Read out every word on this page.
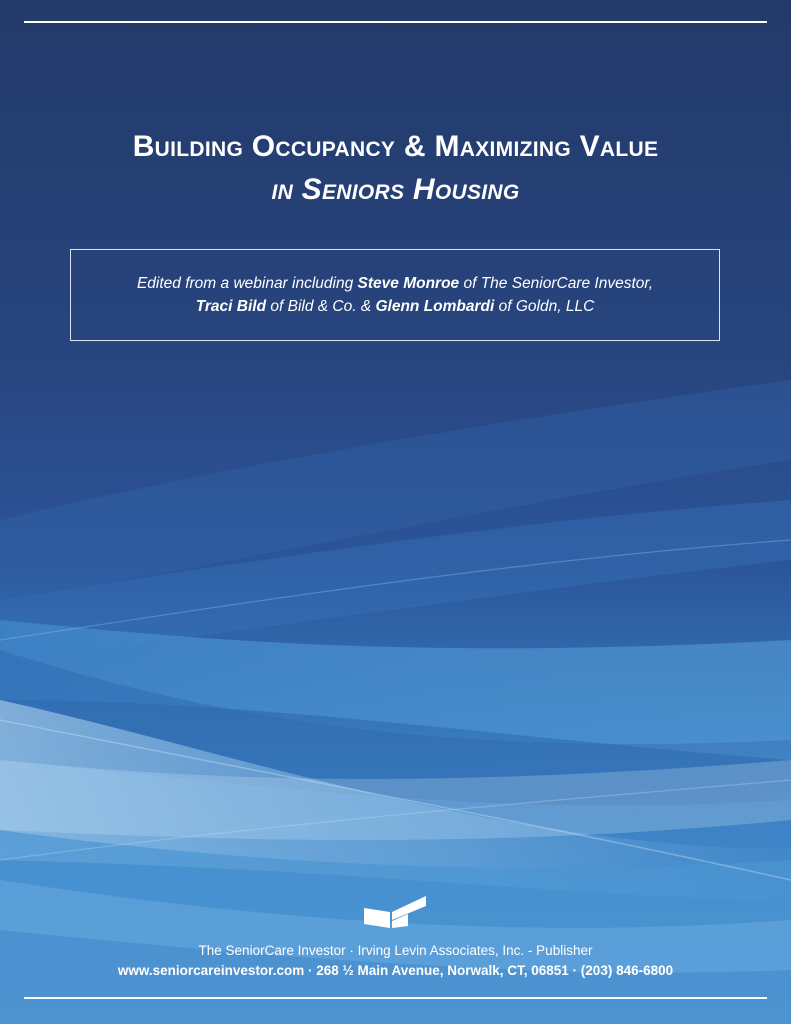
Building Occupancy & Maximizing Value
in Seniors Housing
Edited from a webinar including Steve Monroe of The SeniorCare Investor,
Traci Bild of Bild & Co. & Glenn Lombardi of Goldn, LLC
The SeniorCare Investor · Irving Levin Associates, Inc. - Publisher
www.seniorcareinvestor.com · 268 ½ Main Avenue, Norwalk, CT, 06851 · (203) 846-6800
